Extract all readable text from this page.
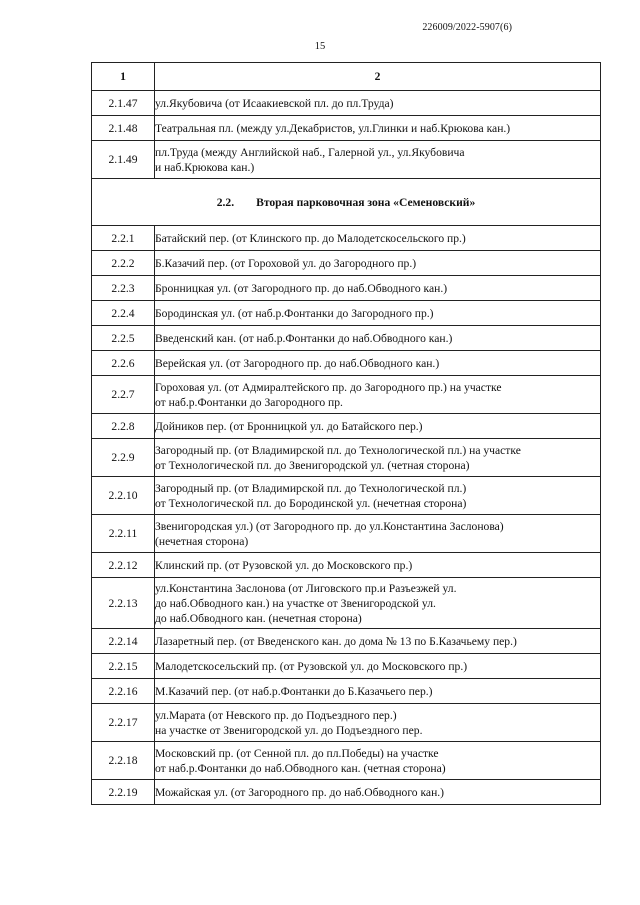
226009/2022-5907(6)
15
1	2
2.1.47	ул.Якубовича (от Исаакиевской пл. до пл.Труда)

2.1.48	Театральная пл. (между ул.Декабристов, ул.Глинки и наб.Крюкова кан.)

2.1.49	пл.Труда (между Английской наб., Галерной ул., ул.Якубовича
и наб.Крюкова кан.)

2.2. Вторая парковочная зона «Семеновский»	
2.2.1	Батайский пер. (от Клинского пр. до Малодетскосельского пр.)

2.2.2	Б.Казачий пер. (от Гороховой ул. до Загородного пр.)

2.2.3	Бронницкая ул. (от Загородного пр. до наб.Обводного кан.)

2.2.4	Бородинская ул. (от наб.р.Фонтанки до Загородного пр.)

2.2.5	Введенский кан. (от наб.р.Фонтанки до наб.Обводного кан.)

2.2.6	Верейская ул. (от Загородного пр. до наб.Обводного кан.)

2.2.7	Гороховая ул. (от Адмиралтейского пр. до Загородного пр.) на участке
от наб.р.Фонтанки до Загородного пр.

2.2.8	Дойников пер. (от Бронницкой ул. до Батайского пер.)

2.2.9	Загородный пр. (от Владимирской пл. до Технологической пл.) на участке
от Технологической пл. до Звенигородской ул. (четная сторона)

2.2.10	Загородный пр. (от Владимирской пл. до Технологической пл.)
от Технологической пл. до Бородинской ул. (нечетная сторона)

2.2.11	Звенигородская ул.) (от Загородного пр. до ул.Константина Заслонова)
(нечетная сторона)

2.2.12	Клинский пр. (от Рузовской ул. до Московского пр.)

2.2.13	ул.Константина Заслонова (от Лиговского пр.и Разъезжей ул.
до наб.Обводного кан.) на участке от Звенигородской ул.
до наб.Обводного кан. (нечетная сторона)

2.2.14	Лазаретный пер. (от Введенского кан. до дома № 13 по Б.Казачьему пер.)

2.2.15	Малодетскосельский пр. (от Рузовской ул. до Московского пр.)

2.2.16	М.Казачий пер. (от наб.р.Фонтанки до Б.Казачьего пер.)

2.2.17	ул.Марата (от Невского пр. до Подъездного пер.)
на участке от Звенигородской ул. до Подъездного пер.

2.2.18	Московский пр. (от Сенной пл. до пл.Победы) на участке
от наб.р.Фонтанки до наб.Обводного кан. (четная сторона)

2.2.19	Можайская ул. (от Загородного пр. до наб.Обводного кан.)
